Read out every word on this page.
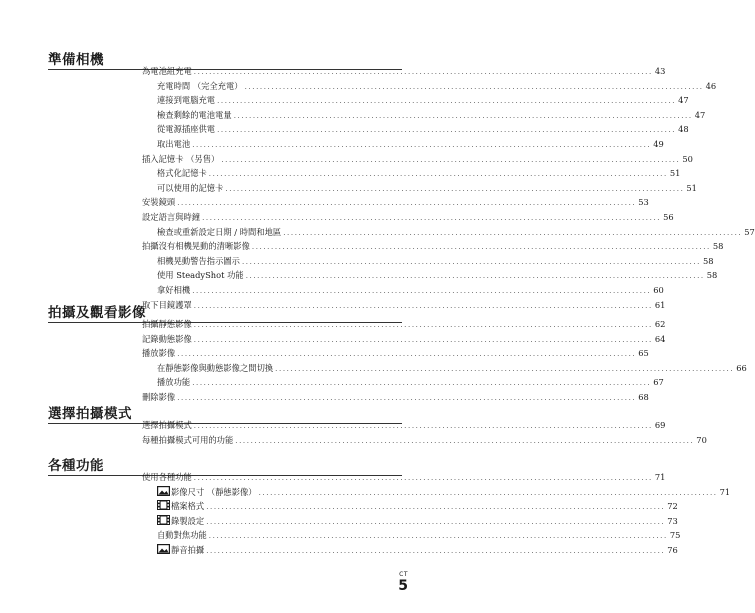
準備相機
為電池組充電 ........................................................................................................................ 43
充電時間 （完全充電） ........................................................................................................................ 46
連接到電腦充電 ........................................................................................................................ 47
檢查剩餘的電池電量 ........................................................................................................................ 47
從電源插座供電 ........................................................................................................................ 48
取出電池 ........................................................................................................................ 49
插入記憶卡 （另售） ........................................................................................................................ 50
格式化記憶卡 ........................................................................................................................ 51
可以使用的記憶卡 ........................................................................................................................ 51
安裝鏡頭 ........................................................................................................................ 53
設定語言與時鐘 ........................................................................................................................ 56
檢查或重新設定日期 / 時間和地區 ........................................................................................................................ 57
拍攝沒有相機晃動的清晰影像 ........................................................................................................................ 58
相機晃動警告指示圖示 ........................................................................................................................ 58
使用 SteadyShot 功能 ........................................................................................................................ 58
拿好相機 ........................................................................................................................ 60
取下目鏡護罩 ........................................................................................................................ 61
拍攝及觀看影像
拍攝靜態影像 ........................................................................................................................ 62
記錄動態影像 ........................................................................................................................ 64
播放影像 ........................................................................................................................ 65
在靜態影像與動態影像之間切換 ........................................................................................................................ 66
播放功能 ........................................................................................................................ 67
刪除影像 ........................................................................................................................ 68
選擇拍攝模式
選擇拍攝模式 ........................................................................................................................ 69
每種拍攝模式可用的功能 ........................................................................................................................ 70
各種功能
使用各種功能 ........................................................................................................................ 71
影像尺寸 （靜態影像） ........................................................................................................................ 71
檔案格式 ........................................................................................................................ 72
錄製設定 ........................................................................................................................ 73
自動對焦功能 ........................................................................................................................ 75
靜音拍攝 ........................................................................................................................ 76
CT
5
